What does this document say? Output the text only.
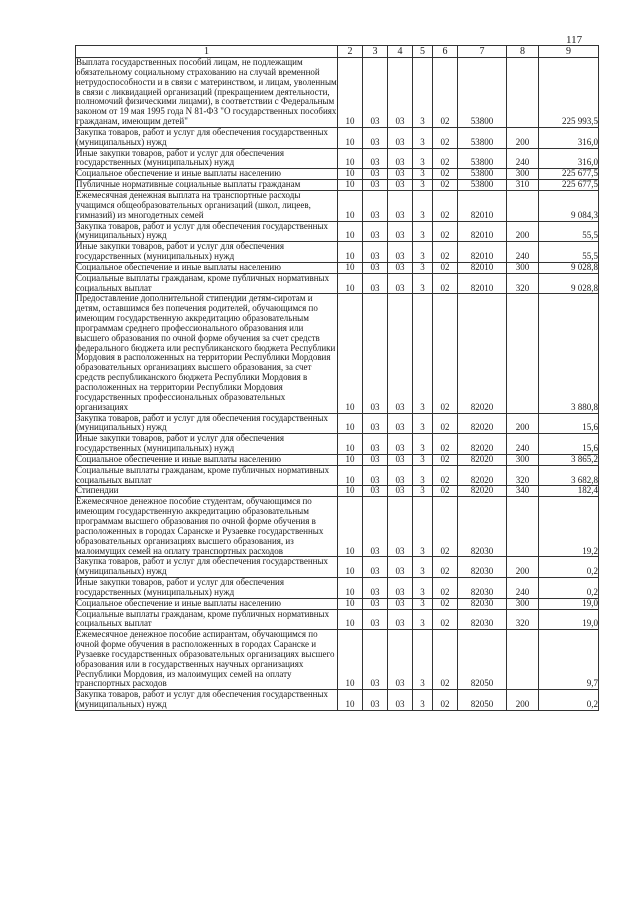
117
1	2	3	4	5	6	7	8	9
Выплата государственных пособий лицам, не подлежащим обязательному социальному страхованию на случай временной нетрудоспособности и в связи с материнством, и лицам, уволенным в связи с ликвидацией организаций (прекращением деятельности, полномочий физическими лицами), в соответствии с Федеральным законом от 19 мая 1995 года N 81-ФЗ "О государственных пособиях гражданам, имеющим детей"	10	03	03	3	02	53800		225 993,5
Закупка товаров, работ и услуг для обеспечения государственных (муниципальных) нужд	10	03	03	3	02	53800	200	316,0
Иные закупки товаров, работ и услуг для обеспечения государственных (муниципальных) нужд	10	03	03	3	02	53800	240	316,0
Социальное обеспечение и иные выплаты населению	10	03	03	3	02	53800	300	225 677,5
Публичные нормативные социальные выплаты гражданам	10	03	03	3	02	53800	310	225 677,5
Ежемесячная денежная выплата на транспортные расходы учащимся общеобразовательных организаций (школ, лицеев, гимназий) из многодетных семей	10	03	03	3	02	82010		9 084,3
Закупка товаров, работ и услуг для обеспечения государственных (муниципальных) нужд	10	03	03	3	02	82010	200	55,5
Иные закупки товаров, работ и услуг для обеспечения государственных (муниципальных) нужд	10	03	03	3	02	82010	240	55,5
Социальное обеспечение и иные выплаты населению	10	03	03	3	02	82010	300	9 028,8
Социальные выплаты гражданам, кроме публичных нормативных социальных выплат	10	03	03	3	02	82010	320	9 028,8
Предоставление дополнительной стипендии детям-сиротам и детям, оставшимся без попечения родителей, обучающимся по имеющим государственную аккредитацию образовательным программам среднего профессионального образования или высшего образования по очной форме обучения за счет средств федерального бюджета или республиканского бюджета Республики Мордовия в расположенных на территории Республики Мордовия образовательных организациях высшего образования, за счет средств республиканского бюджета Республики Мордовия в расположенных на территории Республики Мордовия государственных профессиональных образовательных организациях	10	03	03	3	02	82020		3 880,8
Закупка товаров, работ и услуг для обеспечения государственных (муниципальных) нужд	10	03	03	3	02	82020	200	15,6
Иные закупки товаров, работ и услуг для обеспечения государственных (муниципальных) нужд	10	03	03	3	02	82020	240	15,6
Социальное обеспечение и иные выплаты населению	10	03	03	3	02	82020	300	3 865,2
Социальные выплаты гражданам, кроме публичных нормативных социальных выплат	10	03	03	3	02	82020	320	3 682,8
Стипендии	10	03	03	3	02	82020	340	182,4
Ежемесячное денежное пособие студентам, обучающимся по имеющим государственную аккредитацию образовательным программам высшего образования по очной форме обучения в расположенных в городах Саранске и Рузаевке государственных образовательных организациях высшего образования, из малоимущих семей на оплату транспортных расходов	10	03	03	3	02	82030		19,2
Закупка товаров, работ и услуг для обеспечения государственных (муниципальных) нужд	10	03	03	3	02	82030	200	0,2
Иные закупки товаров, работ и услуг для обеспечения государственных (муниципальных) нужд	10	03	03	3	02	82030	240	0,2
Социальное обеспечение и иные выплаты населению	10	03	03	3	02	82030	300	19,0
Социальные выплаты гражданам, кроме публичных нормативных социальных выплат	10	03	03	3	02	82030	320	19,0
Ежемесячное денежное пособие аспирантам, обучающимся по очной форме обучения в расположенных в городах Саранске и Рузаевке государственных образовательных организациях высшего образования или в государственных научных организациях Республики Мордовия, из малоимущих семей на оплату транспортных расходов	10	03	03	3	02	82050		9,7
Закупка товаров, работ и услуг для обеспечения государственных (муниципальных) нужд	10	03	03	3	02	82050	200	0,2
